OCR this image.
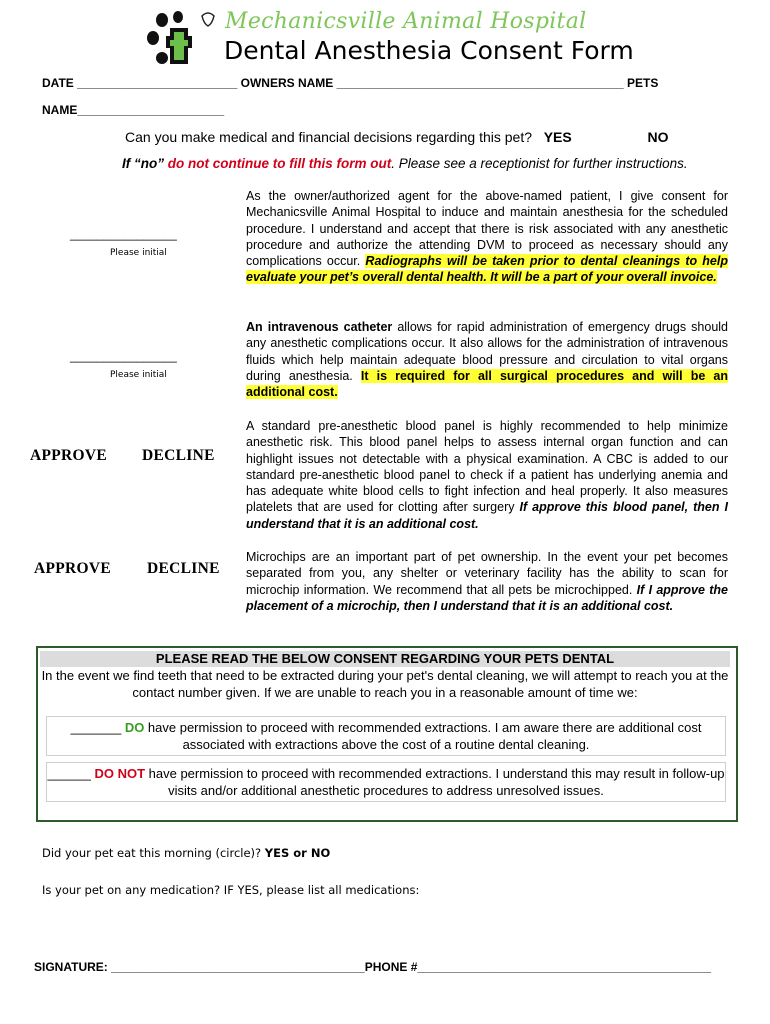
Mechanicsville Animal Hospital
Dental Anesthesia Consent Form
DATE ________________________ OWNERS NAME ___________________________________________ PETS
NAME______________________
Can you make medical and financial decisions regarding this pet? YES	NO
If “no” do not continue to fill this form out. Please see a receptionist for further instructions.
________________
Please initial
As the owner/authorized agent for the above-named patient, I give consent for Mechanicsville Animal Hospital to induce and maintain anesthesia for the scheduled procedure. I understand and accept that there is risk associated with any anesthetic procedure and authorize the attending DVM to proceed as necessary should any complications occur. Radiographs will be taken prior to dental cleanings to help evaluate your pet’s overall dental health. It will be a part of your overall invoice.
________________
Please initial
An intravenous catheter allows for rapid administration of emergency drugs should any anesthetic complications occur. It also allows for the administration of intravenous fluids which help maintain adequate blood pressure and circulation to vital organs during anesthesia. It is required for all surgical procedures and will be an additional cost.
APPROVE DECLINE
A standard pre-anesthetic blood panel is highly recommended to help minimize anesthetic risk. This blood panel helps to assess internal organ function and can highlight issues not detectable with a physical examination. A CBC is added to our standard pre-anesthetic blood panel to check if a patient has underlying anemia and has adequate white blood cells to fight infection and heal properly. It also measures platelets that are used for clotting after surgery If approve this blood panel, then I understand that it is an additional cost.
APPROVE DECLINE
Microchips are an important part of pet ownership. In the event your pet becomes separated from you, any shelter or veterinary facility has the ability to scan for microchip information. We recommend that all pets be microchipped. If I approve the placement of a microchip, then I understand that it is an additional cost.
PLEASE READ THE BELOW CONSENT REGARDING YOUR PETS DENTAL
In the event we find teeth that need to be extracted during your pet's dental cleaning, we will attempt to reach you at the contact number given. If we are unable to reach you in a reasonable amount of time we:
_______ DO have permission to proceed with recommended extractions. I am aware there are additional cost associated with extractions above the cost of a routine dental cleaning.
______ DO NOT have permission to proceed with recommended extractions. I understand this may result in follow-up visits and/or additional anesthetic procedures to address unresolved issues.
Did your pet eat this morning (circle)? YES or NO
Is your pet on any medication? IF YES, please list all medications:
SIGNATURE: ______________________________________PHONE #____________________________________________
